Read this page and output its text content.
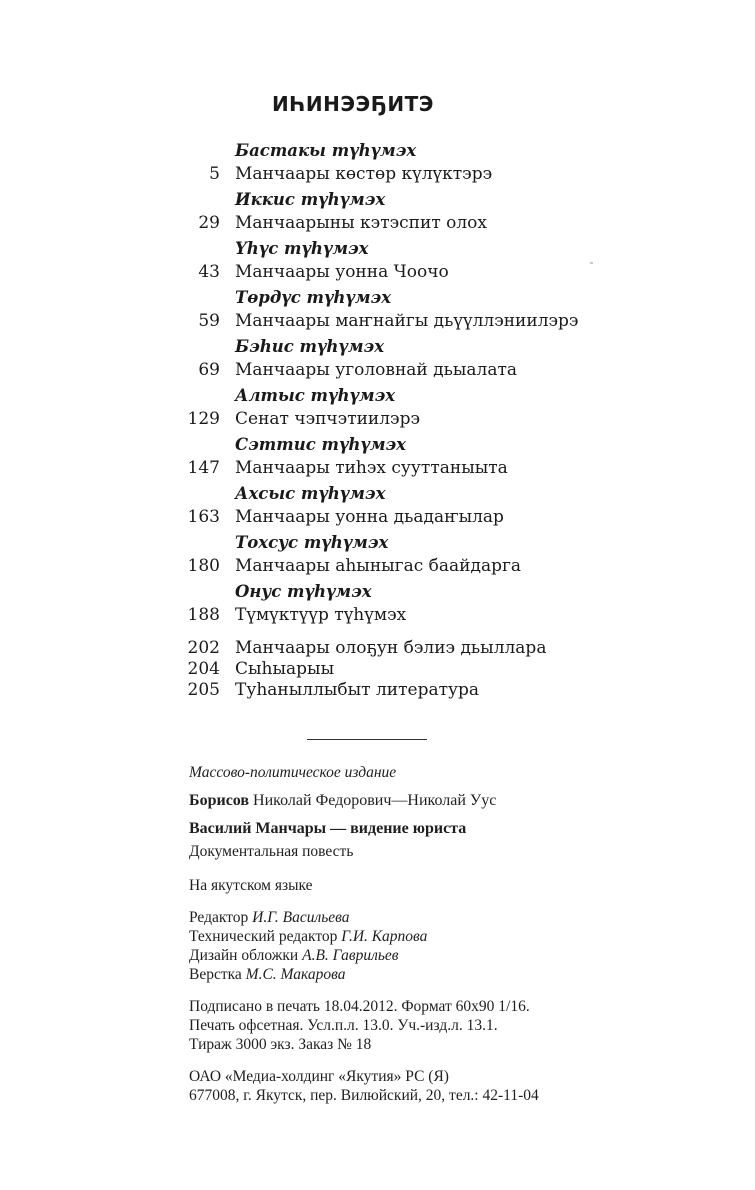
ИҺИНЭЭҔИТЭ
Бастакы түһүмэх
5 Манчаары көстөр күлүктэрэ
Иккис түһүмэх
29 Манчаарыны кэтэспит олох
Үһүс түһүмэх
43 Манчаары уонна Чоочо
Төрдүс түһүмэх
59 Манчаары маҥнайгы дьүүллэниилэрэ
Бэһис түһүмэх
69 Манчаары уголовнай дьыалата
Алтыс түһүмэх
129 Сенат чэпчэтиилэрэ
Сэттис түһүмэх
147 Манчаары тиһэх сууттаныыта
Ахсыс түһүмэх
163 Манчаары уонна дьадаҥылар
Тохсус түһүмэх
180 Манчаары аһыныгас баайдарга
Онус түһүмэх
188 Түмүктүүр түһүмэх
202 Манчаары олоҕун бэлиэ дьыллара
204 Сыһыарыы
205 Туһаныллыбыт литература

Массово-политическое издание

Борисов Николай Федорович—Николай Уус

Василий Манчары — видение юриста

Документальная повесть

На якутском языке

Редактор И.Г. Васильева

Технический редактор Г.И. Карпова

Дизайн обложки А.В. Гаврильев

Верстка М.С. Макарова

Подписано в печать 18.04.2012. Формат 60х90 1/16.

Печать офсетная. Усл.п.л. 13.0. Уч.-изд.л. 13.1.

Тираж 3000 экз. Заказ № 18

ОАО «Медиа-холдинг «Якутия» РС (Я)

677008, г. Якутск, пер. Вилюйский, 20, тел.: 42-11-04
